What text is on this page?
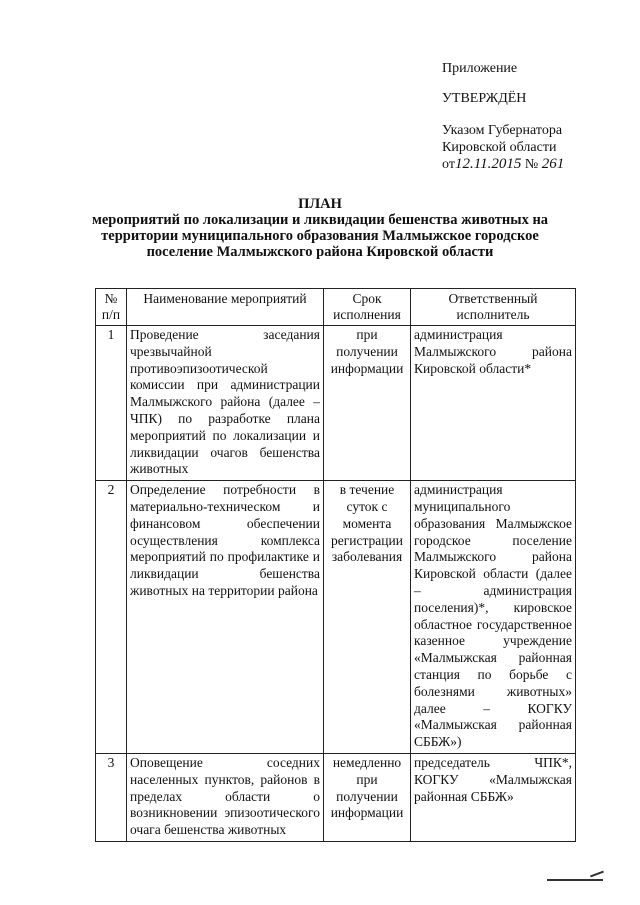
Приложение
УТВЕРЖДЁН
Указом Губернатора
Кировской области
от12.11.2015 № 261
ПЛАН
мероприятий по локализации и ликвидации бешенства животных на
территории муниципального образования Малмыжское городское
поселение Малмыжского района Кировской области
№ п/п	Наименование мероприятий	Срок исполнения	Ответственный исполнитель
1	Проведение заседания чрезвычайной противоэпизоотической комиссии при администрации Малмыжского района (далее – ЧПК) по разработке плана мероприятий по локализации и ликвидации очагов бешенства животных	при получении информации	администрация Малмыжского района Кировской области*
2	Определение потребности в материально-техническом и финансовом обеспечении осуществления комплекса мероприятий по профилактике и ликвидации бешенства животных на территории района	в течение суток с момента регистрации заболевания	администрация муниципального образования Малмыжское городское поселение Малмыжского района Кировской области (далее – администрация поселения)*, кировское областное государственное казенное учреждение «Малмыжская районная станция по борьбе с болезнями животных» далее – КОГКУ «Малмыжская районная СББЖ»)
3	Оповещение соседних населенных пунктов, районов в пределах области о возникновении эпизоотического очага бешенства животных	немедленно при получении информации	председатель ЧПК*, КОГКУ «Малмыжская районная СББЖ»
